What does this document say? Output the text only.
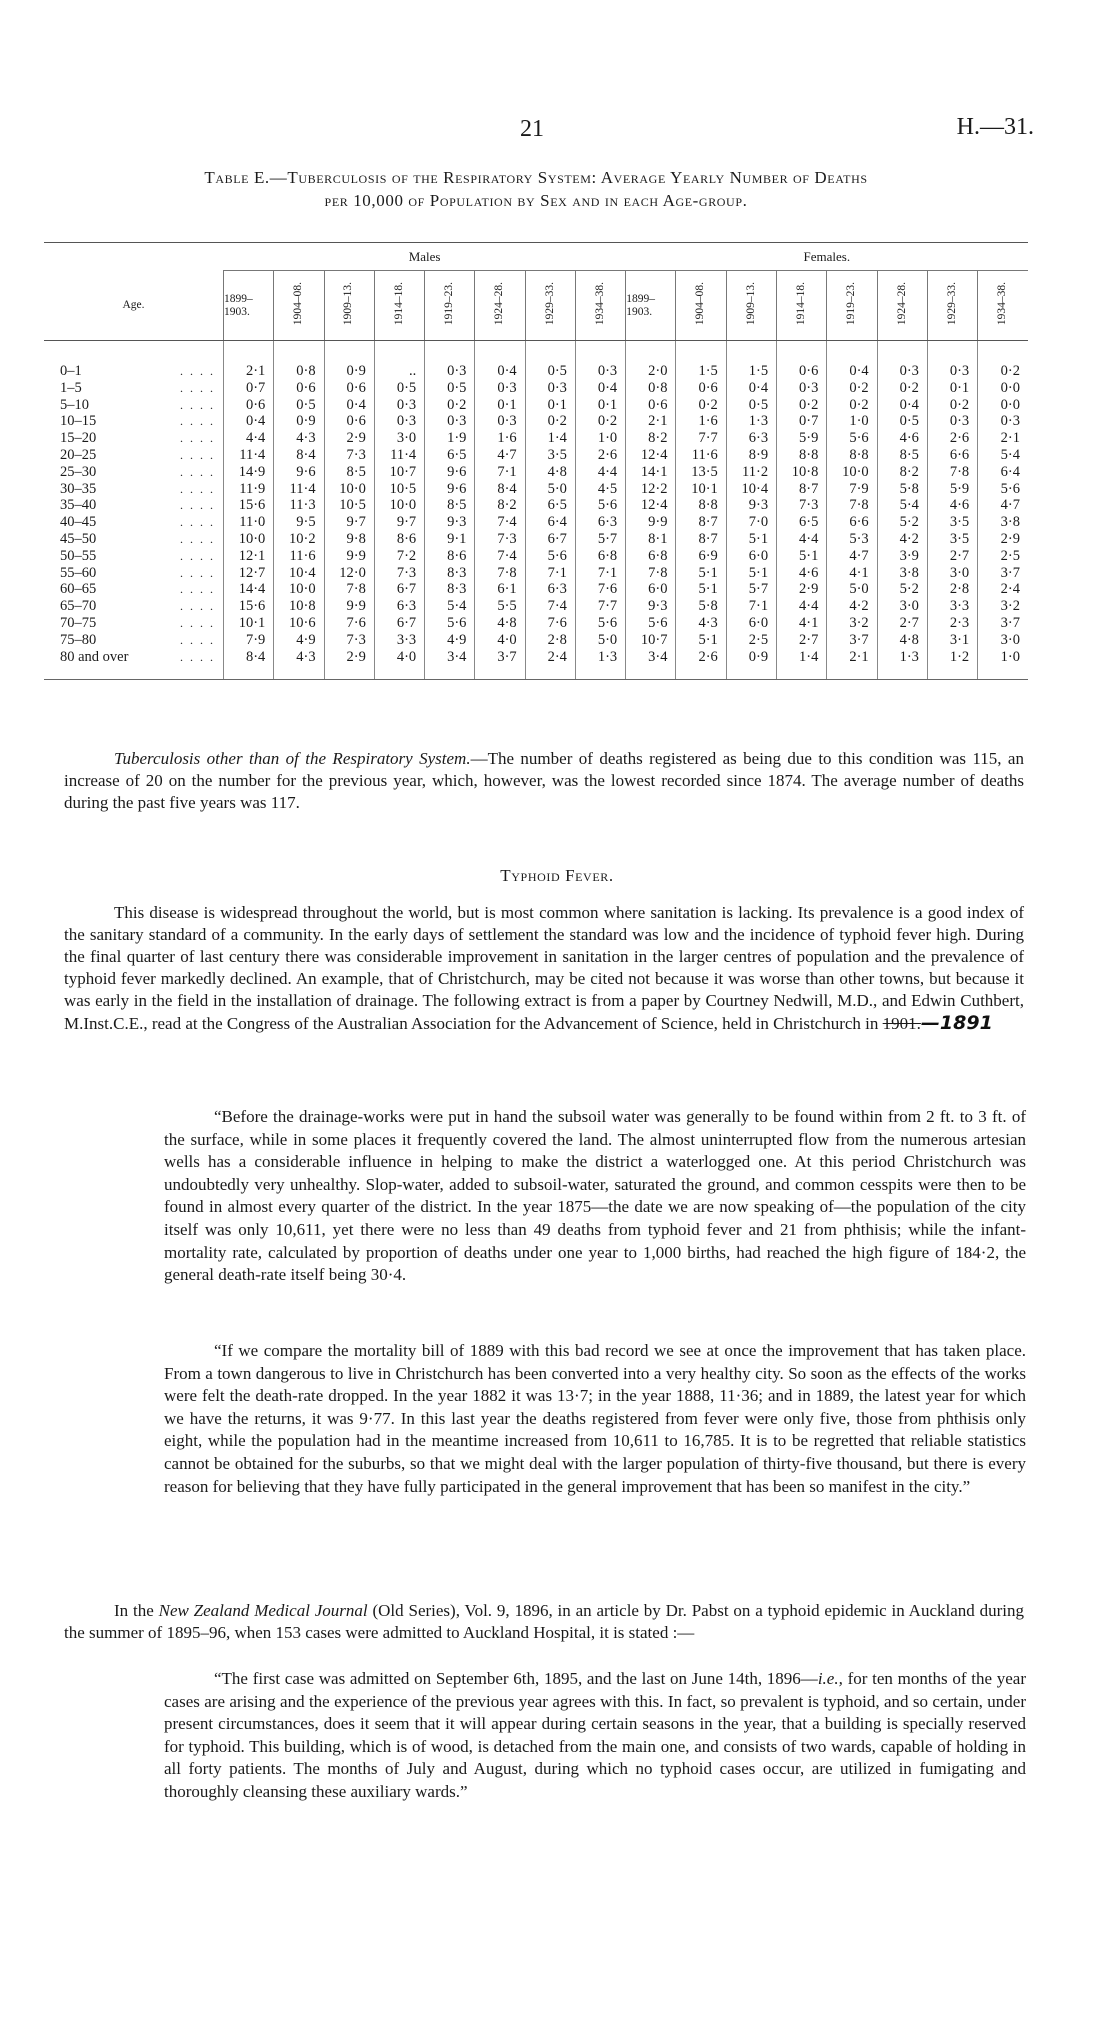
21	H.—31.
Table E.—Tuberculosis of the Respiratory System: Average Yearly Number of Deaths
per 10,000 of Population by Sex and in each Age-group.
	Males								Females.							
Age.	1899–1903.	1904–08.	1909–13.	1914–18.	1919–23.	1924–28.	1929–33.	1934–38.	1899–1903.	1904–08.	1909–13.	1914–18.	1919–23.	1924–28.	1929–33.	1934–38.
0–1 . . . .	2·1	0·8	0·9	..	0·3	0·4	0·5	0·3	2·0	1·5	1·5	0·6	0·4	0·3	0·3	0·2
1–5 . . . .	0·7	0·6	0·6	0·5	0·5	0·3	0·3	0·4	0·8	0·6	0·4	0·3	0·2	0·2	0·1	0·0
5–10 . . . .	0·6	0·5	0·4	0·3	0·2	0·1	0·1	0·1	0·6	0·2	0·5	0·2	0·2	0·4	0·2	0·0
10–15 . . . .	0·4	0·9	0·6	0·3	0·3	0·3	0·2	0·2	2·1	1·6	1·3	0·7	1·0	0·5	0·3	0·3
15–20 . . . .	4·4	4·3	2·9	3·0	1·9	1·6	1·4	1·0	8·2	7·7	6·3	5·9	5·6	4·6	2·6	2·1
20–25 . . . .	11·4	8·4	7·3	11·4	6·5	4·7	3·5	2·6	12·4	11·6	8·9	8·8	8·8	8·5	6·6	5·4
25–30 . . . .	14·9	9·6	8·5	10·7	9·6	7·1	4·8	4·4	14·1	13·5	11·2	10·8	10·0	8·2	7·8	6·4
30–35 . . . .	11·9	11·4	10·0	10·5	9·6	8·4	5·0	4·5	12·2	10·1	10·4	8·7	7·9	5·8	5·9	5·6
35–40 . . . .	15·6	11·3	10·5	10·0	8·5	8·2	6·5	5·6	12·4	8·8	9·3	7·3	7·8	5·4	4·6	4·7
40–45 . . . .	11·0	9·5	9·7	9·7	9·3	7·4	6·4	6·3	9·9	8·7	7·0	6·5	6·6	5·2	3·5	3·8
45–50 . . . .	10·0	10·2	9·8	8·6	9·1	7·3	6·7	5·7	8·1	8·7	5·1	4·4	5·3	4·2	3·5	2·9
50–55 . . . .	12·1	11·6	9·9	7·2	8·6	7·4	5·6	6·8	6·8	6·9	6·0	5·1	4·7	3·9	2·7	2·5
55–60 . . . .	12·7	10·4	12·0	7·3	8·3	7·8	7·1	7·1	7·8	5·1	5·1	4·6	4·1	3·8	3·0	3·7
60–65 . . . .	14·4	10·0	7·8	6·7	8·3	6·1	6·3	7·6	6·0	5·1	5·7	2·9	5·0	5·2	2·8	2·4
65–70 . . . .	15·6	10·8	9·9	6·3	5·4	5·5	7·4	7·7	9·3	5·8	7·1	4·4	4·2	3·0	3·3	3·2
70–75 . . . .	10·1	10·6	7·6	6·7	5·6	4·8	7·6	5·6	5·6	4·3	6·0	4·1	3·2	2·7	2·3	3·7
75–80 . . . .	7·9	4·9	7·3	3·3	4·9	4·0	2·8	5·0	10·7	5·1	2·5	2·7	3·7	4·8	3·1	3·0
80 and over . . . .	8·4	4·3	2·9	4·0	3·4	3·7	2·4	1·3	3·4	2·6	0·9	1·4	2·1	1·3	1·2	1·0

Tuberculosis other than of the Respiratory System.—The number of deaths registered as being due to this condition was 115, an increase of 20 on the number for the previous year, which, however, was the lowest recorded since 1874. The average number of deaths during the past five years was 117.

Typhoid Fever.

This disease is widespread throughout the world, but is most common where sanitation is lacking. Its prevalence is a good index of the sanitary standard of a community. In the early days of settlement the standard was low and the incidence of typhoid fever high. During the final quarter of last century there was considerable improvement in sanitation in the larger centres of population and the prevalence of typhoid fever markedly declined. An example, that of Christchurch, may be cited not because it was worse than other towns, but because it was early in the field in the installation of drainage. The following extract is from a paper by Courtney Nedwill, M.D., and Edwin Cuthbert, M.Inst.C.E., read at the Congress of the Australian Association for the Advancement of Science, held in Christchurch in 1901.—1891

“Before the drainage-works were put in hand the subsoil water was generally to be found within from 2 ft. to 3 ft. of the surface, while in some places it frequently covered the land. The almost uninterrupted flow from the numerous artesian wells has a considerable influence in helping to make the district a waterlogged one. At this period Christchurch was undoubtedly very unhealthy. Slop-water, added to subsoil-water, saturated the ground, and common cesspits were then to be found in almost every quarter of the district. In the year 1875—the date we are now speaking of—the population of the city itself was only 10,611, yet there were no less than 49 deaths from typhoid fever and 21 from phthisis; while the infant-mortality rate, calculated by proportion of deaths under one year to 1,000 births, had reached the high figure of 184·2, the general death-rate itself being 30·4.

“If we compare the mortality bill of 1889 with this bad record we see at once the improvement that has taken place. From a town dangerous to live in Christchurch has been converted into a very healthy city. So soon as the effects of the works were felt the death-rate dropped. In the year 1882 it was 13·7; in the year 1888, 11·36; and in 1889, the latest year for which we have the returns, it was 9·77. In this last year the deaths registered from fever were only five, those from phthisis only eight, while the population had in the meantime increased from 10,611 to 16,785. It is to be regretted that reliable statistics cannot be obtained for the suburbs, so that we might deal with the larger population of thirty-five thousand, but there is every reason for believing that they have fully participated in the general improvement that has been so manifest in the city.”

In the New Zealand Medical Journal (Old Series), Vol. 9, 1896, in an article by Dr. Pabst on a typhoid epidemic in Auckland during the summer of 1895–96, when 153 cases were admitted to Auckland Hospital, it is stated :—

“The first case was admitted on September 6th, 1895, and the last on June 14th, 1896—i.e., for ten months of the year cases are arising and the experience of the previous year agrees with this. In fact, so prevalent is typhoid, and so certain, under present circumstances, does it seem that it will appear during certain seasons in the year, that a building is specially reserved for typhoid. This building, which is of wood, is detached from the main one, and consists of two wards, capable of holding in all forty patients. The months of July and August, during which no typhoid cases occur, are utilized in fumigating and thoroughly cleansing these auxiliary wards.”
